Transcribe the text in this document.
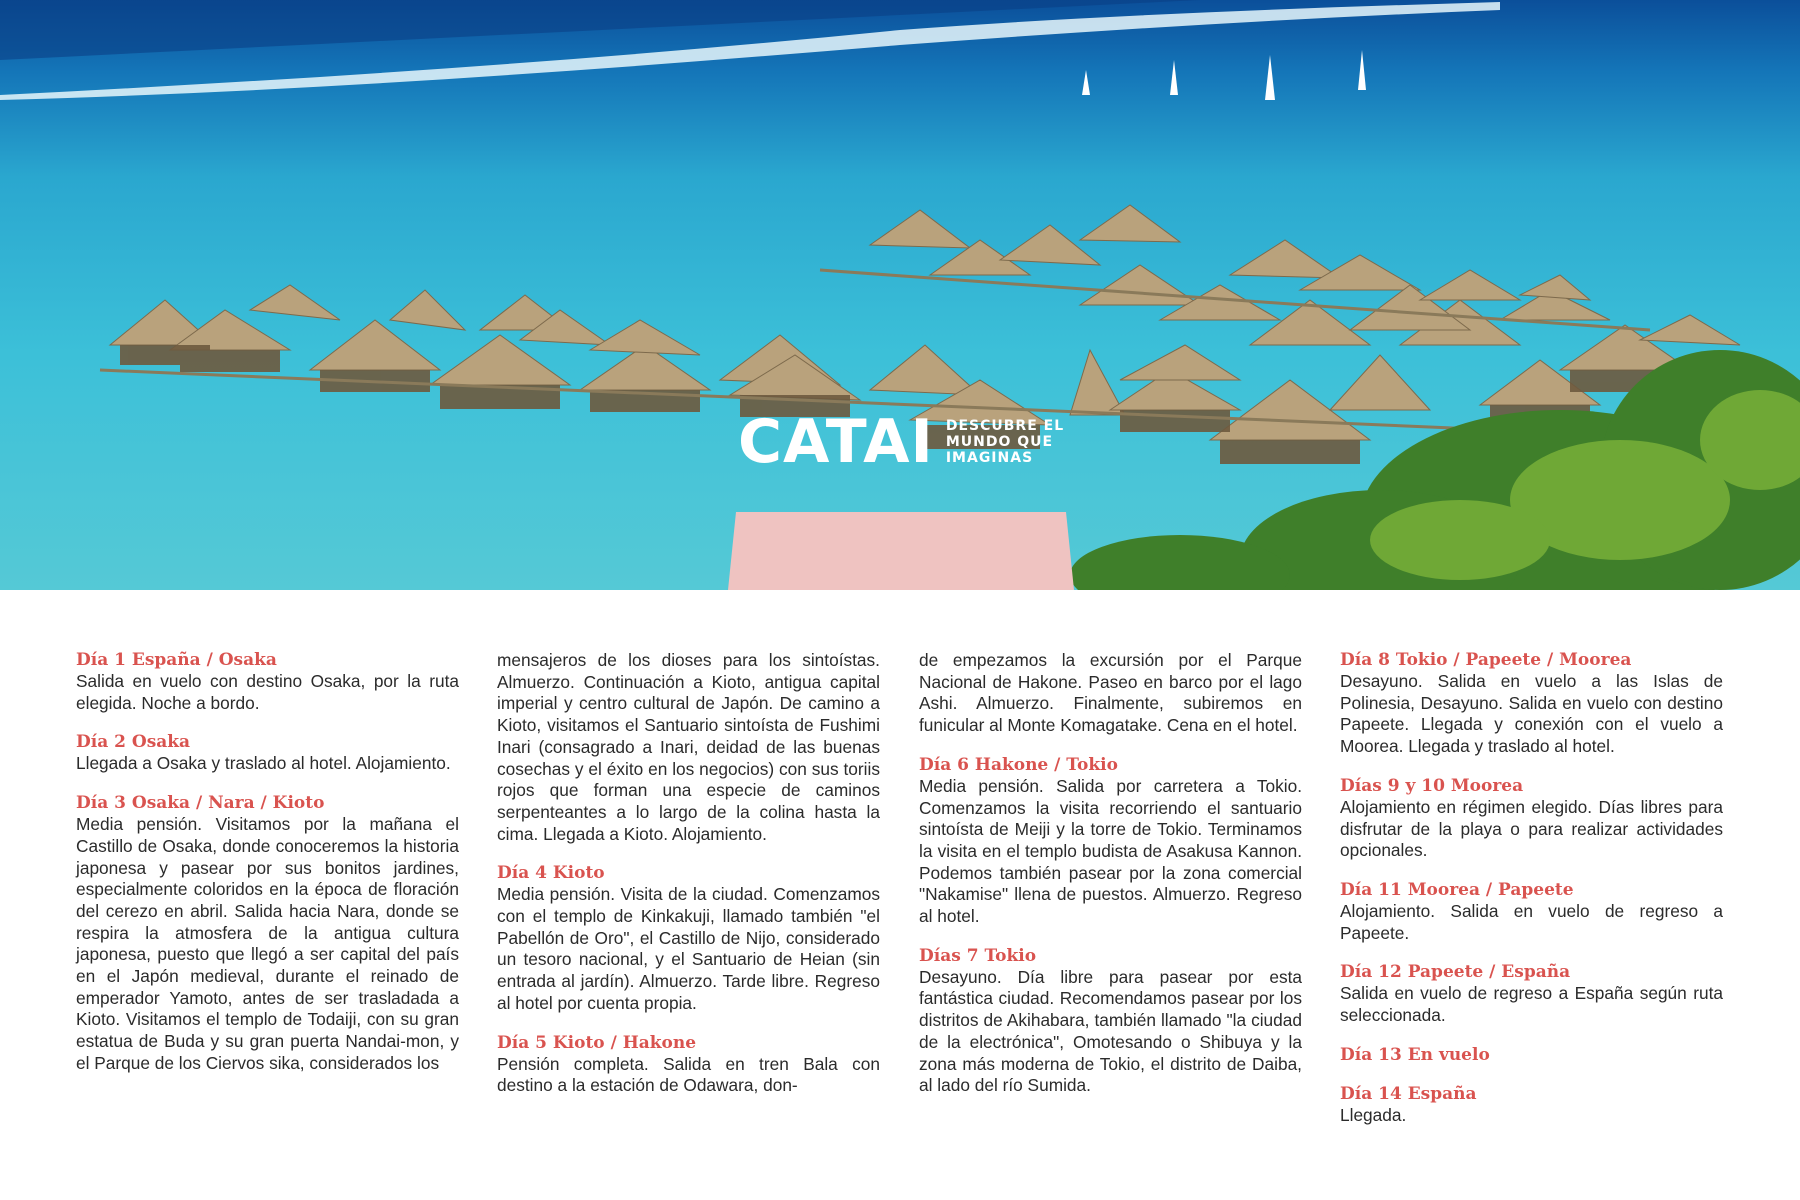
CATAI DESCUBRE EL
MUNDO QUE
IMAGINAS
Día 1 España / Osaka
Salida en vuelo con destino Osaka, por la ruta elegida. Noche a bordo.
Día 2 Osaka
Llegada a Osaka y traslado al hotel. Alojamiento.
Día 3 Osaka / Nara / Kioto
Media pensión. Visitamos por la mañana el Castillo de Osaka, donde conoceremos la historia japonesa y pasear por sus bonitos jardines, especialmente coloridos en la época de floración del cerezo en abril. Salida hacia Nara, donde se respira la atmosfera de la antigua cultura japonesa, puesto que llegó a ser capital del país en el Japón medieval, durante el reinado de emperador Yamoto, antes de ser trasladada a Kioto. Visitamos el templo de Todaiji, con su gran estatua de Buda y su gran puerta Nandai-mon, y el Parque de los Ciervos sika, considerados los
mensajeros de los dioses para los sintoístas. Almuerzo. Continuación a Kioto, antigua capital imperial y centro cultural de Japón. De camino a Kioto, visitamos el Santuario sintoísta de Fushimi Inari (consagrado a Inari, deidad de las buenas cosechas y el éxito en los negocios) con sus toriis rojos que forman una especie de caminos serpenteantes a lo largo de la colina hasta la cima. Llegada a Kioto. Alojamiento.
Día 4 Kioto
Media pensión. Visita de la ciudad. Comenzamos con el templo de Kinkakuji, llamado también "el Pabellón de Oro", el Castillo de Nijo, considerado un tesoro nacional, y el Santuario de Heian (sin entrada al jardín). Almuerzo. Tarde libre. Regreso al hotel por cuenta propia.
Día 5 Kioto / Hakone
Pensión completa. Salida en tren Bala con destino a la estación de Odawara, don-
de empezamos la excursión por el Parque Nacional de Hakone. Paseo en barco por el lago Ashi. Almuerzo. Finalmente, subiremos en funicular al Monte Komagatake. Cena en el hotel.
Día 6 Hakone / Tokio
Media pensión. Salida por carretera a Tokio. Comenzamos la visita recorriendo el santuario sintoísta de Meiji y la torre de Tokio. Terminamos la visita en el templo budista de Asakusa Kannon. Podemos también pasear por la zona comercial "Nakamise" llena de puestos. Almuerzo. Regreso al hotel.
Días 7 Tokio
Desayuno. Día libre para pasear por esta fantástica ciudad. Recomendamos pasear por los distritos de Akihabara, también llamado "la ciudad de la electrónica", Omotesando o Shibuya y la zona más moderna de Tokio, el distrito de Daiba, al lado del río Sumida.
Día 8 Tokio / Papeete / Moorea
Desayuno. Salida en vuelo a las Islas de Polinesia, Desayuno. Salida en vuelo con destino Papeete. Llegada y conexión con el vuelo a Moorea. Llegada y traslado al hotel.
Días 9 y 10 Moorea
Alojamiento en régimen elegido. Días libres para disfrutar de la playa o para realizar actividades opcionales.
Día 11 Moorea / Papeete
Alojamiento. Salida en vuelo de regreso a Papeete.
Día 12 Papeete / España
Salida en vuelo de regreso a España según ruta seleccionada.
Día 13 En vuelo
Día 14 España
Llegada.
